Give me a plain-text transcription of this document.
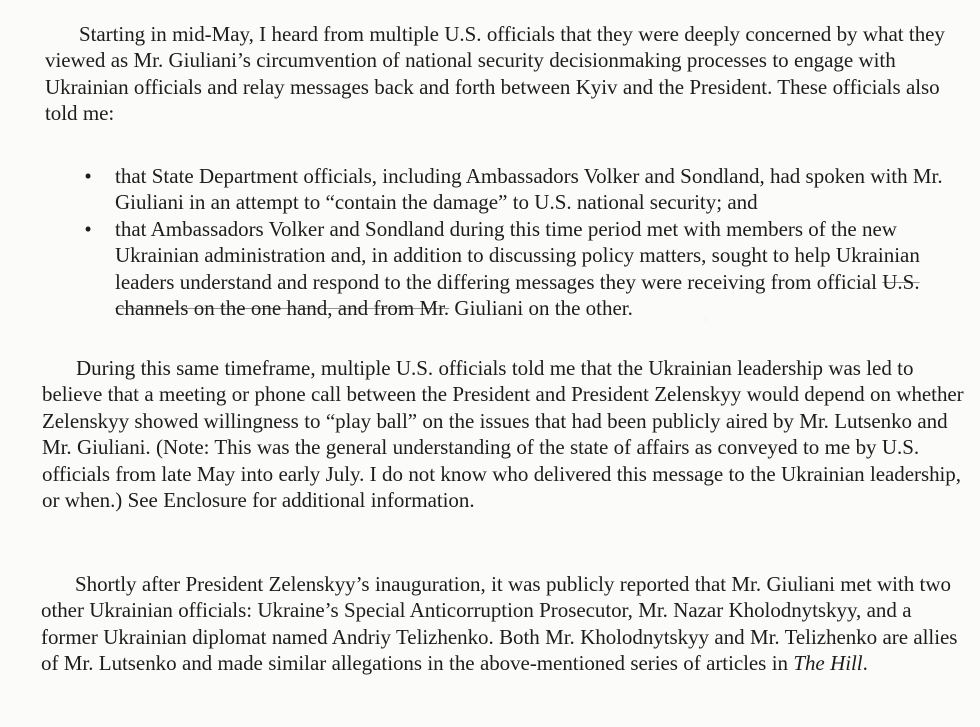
Starting in mid-May, I heard from multiple U.S. officials that they were deeply concerned by what they viewed as Mr. Giuliani’s circumvention of national security decisionmaking processes to engage with Ukrainian officials and relay messages back and forth between Kyiv and the President. These officials also told me:

• that State Department officials, including Ambassadors Volker and Sondland, had spoken with Mr. Giuliani in an attempt to “contain the damage” to U.S. national security; and
• that Ambassadors Volker and Sondland during this time period met with members of the new Ukrainian administration and, in addition to discussing policy matters, sought to help Ukrainian leaders understand and respond to the differing messages they were receiving from official U.S. channels on the one hand, and from Mr. Giuliani on the other.

During this same timeframe, multiple U.S. officials told me that the Ukrainian leadership was led to believe that a meeting or phone call between the President and President Zelenskyy would depend on whether Zelenskyy showed willingness to “play ball” on the issues that had been publicly aired by Mr. Lutsenko and Mr. Giuliani. (Note: This was the general understanding of the state of affairs as conveyed to me by U.S. officials from late May into early July. I do not know who delivered this message to the Ukrainian leadership, or when.) See Enclosure for additional information.

Shortly after President Zelenskyy’s inauguration, it was publicly reported that Mr. Giuliani met with two other Ukrainian officials: Ukraine’s Special Anticorruption Prosecutor, Mr. Nazar Kholodnytskyy, and a former Ukrainian diplomat named Andriy Telizhenko. Both Mr. Kholodnytskyy and Mr. Telizhenko are allies of Mr. Lutsenko and made similar allegations in the above-mentioned series of articles in The Hill.
